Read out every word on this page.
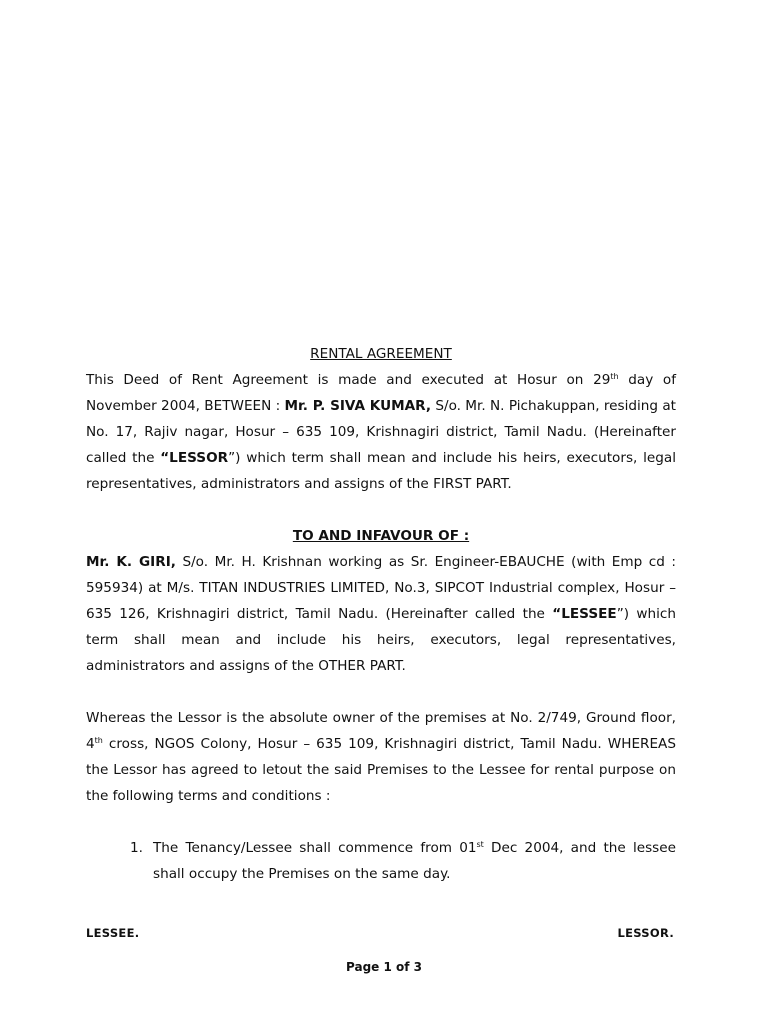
RENTAL AGREEMENT

This Deed of Rent Agreement is made and executed at Hosur on 29th day of November 2004, BETWEEN : Mr. P. SIVA KUMAR, S/o. Mr. N. Pichakuppan, residing at No. 17, Rajiv nagar, Hosur – 635 109, Krishnagiri district, Tamil Nadu. (Hereinafter called the “LESSOR”) which term shall mean and include his heirs, executors, legal representatives, administrators and assigns of the FIRST PART.

TO AND INFAVOUR OF :

Mr. K. GIRI, S/o. Mr. H. Krishnan working as Sr. Engineer-EBAUCHE (with Emp cd : 595934) at M/s. TITAN INDUSTRIES LIMITED, No.3, SIPCOT Industrial complex, Hosur – 635 126, Krishnagiri district, Tamil Nadu. (Hereinafter called the “LESSEE”) which term shall mean and include his heirs, executors, legal representatives, administrators and assigns of the OTHER PART.

Whereas the Lessor is the absolute owner of the premises at No. 2/749, Ground floor, 4th cross, NGOS Colony, Hosur – 635 109, Krishnagiri district, Tamil Nadu. WHEREAS the Lessor has agreed to letout the said Premises to the Lessee for rental purpose on the following terms and conditions :

1. The Tenancy/Lessee shall commence from 01st Dec 2004, and the lessee shall occupy the Premises on the same day.
LESSEE.	LESSOR.
Page 1 of 3
